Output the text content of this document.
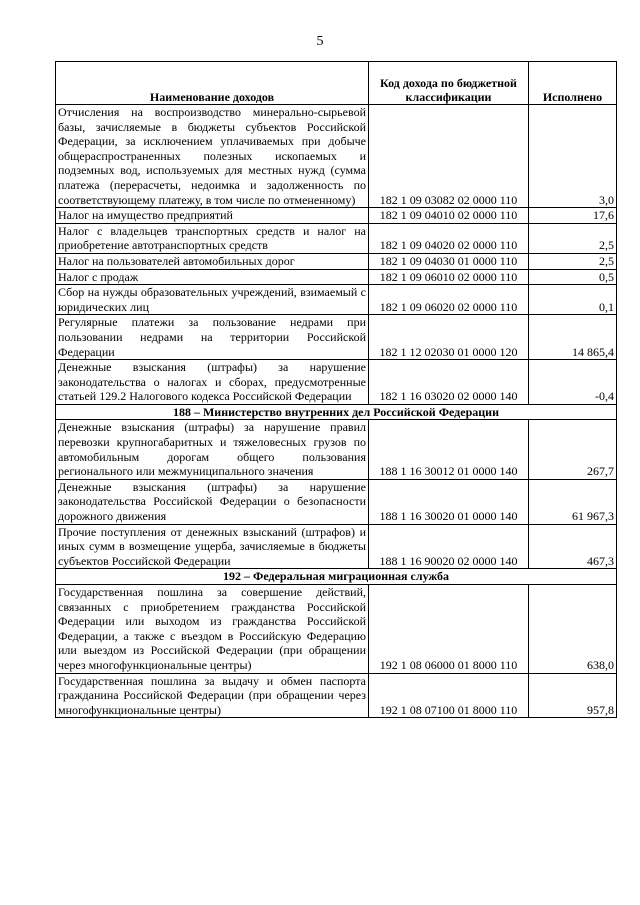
5
Наименование доходов	Код дохода по бюджетной классификации	Исполнено
Отчисления на воспроизводство минерально-сырьевой базы, зачисляемые в бюджеты субъектов Российской Федерации, за исключением уплачиваемых при добыче общераспространенных полезных ископаемых и подземных вод, используемых для местных нужд (сумма платежа (перерасчеты, недоимка и задолженность по соответствующему платежу, в том числе по отмененному)	182 1 09 03082 02 0000 110	3,0
Налог на имущество предприятий	182 1 09 04010 02 0000 110	17,6
Налог с владельцев транспортных средств и налог на приобретение автотранспортных средств	182 1 09 04020 02 0000 110	2,5
Налог на пользователей автомобильных дорог	182 1 09 04030 01 0000 110	2,5
Налог с продаж	182 1 09 06010 02 0000 110	0,5
Сбор на нужды образовательных учреждений, взимаемый с юридических лиц	182 1 09 06020 02 0000 110	0,1
Регулярные платежи за пользование недрами при пользовании недрами на территории Российской Федерации	182 1 12 02030 01 0000 120	14 865,4
Денежные взыскания (штрафы) за нарушение законодательства о налогах и сборах, предусмотренные статьей 129.2 Налогового кодекса Российской Федерации	182 1 16 03020 02 0000 140	-0,4
188 – Министерство внутренних дел Российской Федерации		
Денежные взыскания (штрафы) за нарушение правил перевозки крупногабаритных и тяжеловесных грузов по автомобильным дорогам общего пользования регионального или межмуниципального значения	188 1 16 30012 01 0000 140	267,7
Денежные взыскания (штрафы) за нарушение законодательства Российской Федерации о безопасности дорожного движения	188 1 16 30020 01 0000 140	61 967,3
Прочие поступления от денежных взысканий (штрафов) и иных сумм в возмещение ущерба, зачисляемые в бюджеты субъектов Российской Федерации	188 1 16 90020 02 0000 140	467,3
192 – Федеральная миграционная служба		
Государственная пошлина за совершение действий, связанных с приобретением гражданства Российской Федерации или выходом из гражданства Российской Федерации, а также с въездом в Российскую Федерацию или выездом из Российской Федерации (при обращении через многофункциональные центры)	192 1 08 06000 01 8000 110	638,0
Государственная пошлина за выдачу и обмен паспорта гражданина Российской Федерации (при обращении через многофункциональные центры)	192 1 08 07100 01 8000 110	957,8
